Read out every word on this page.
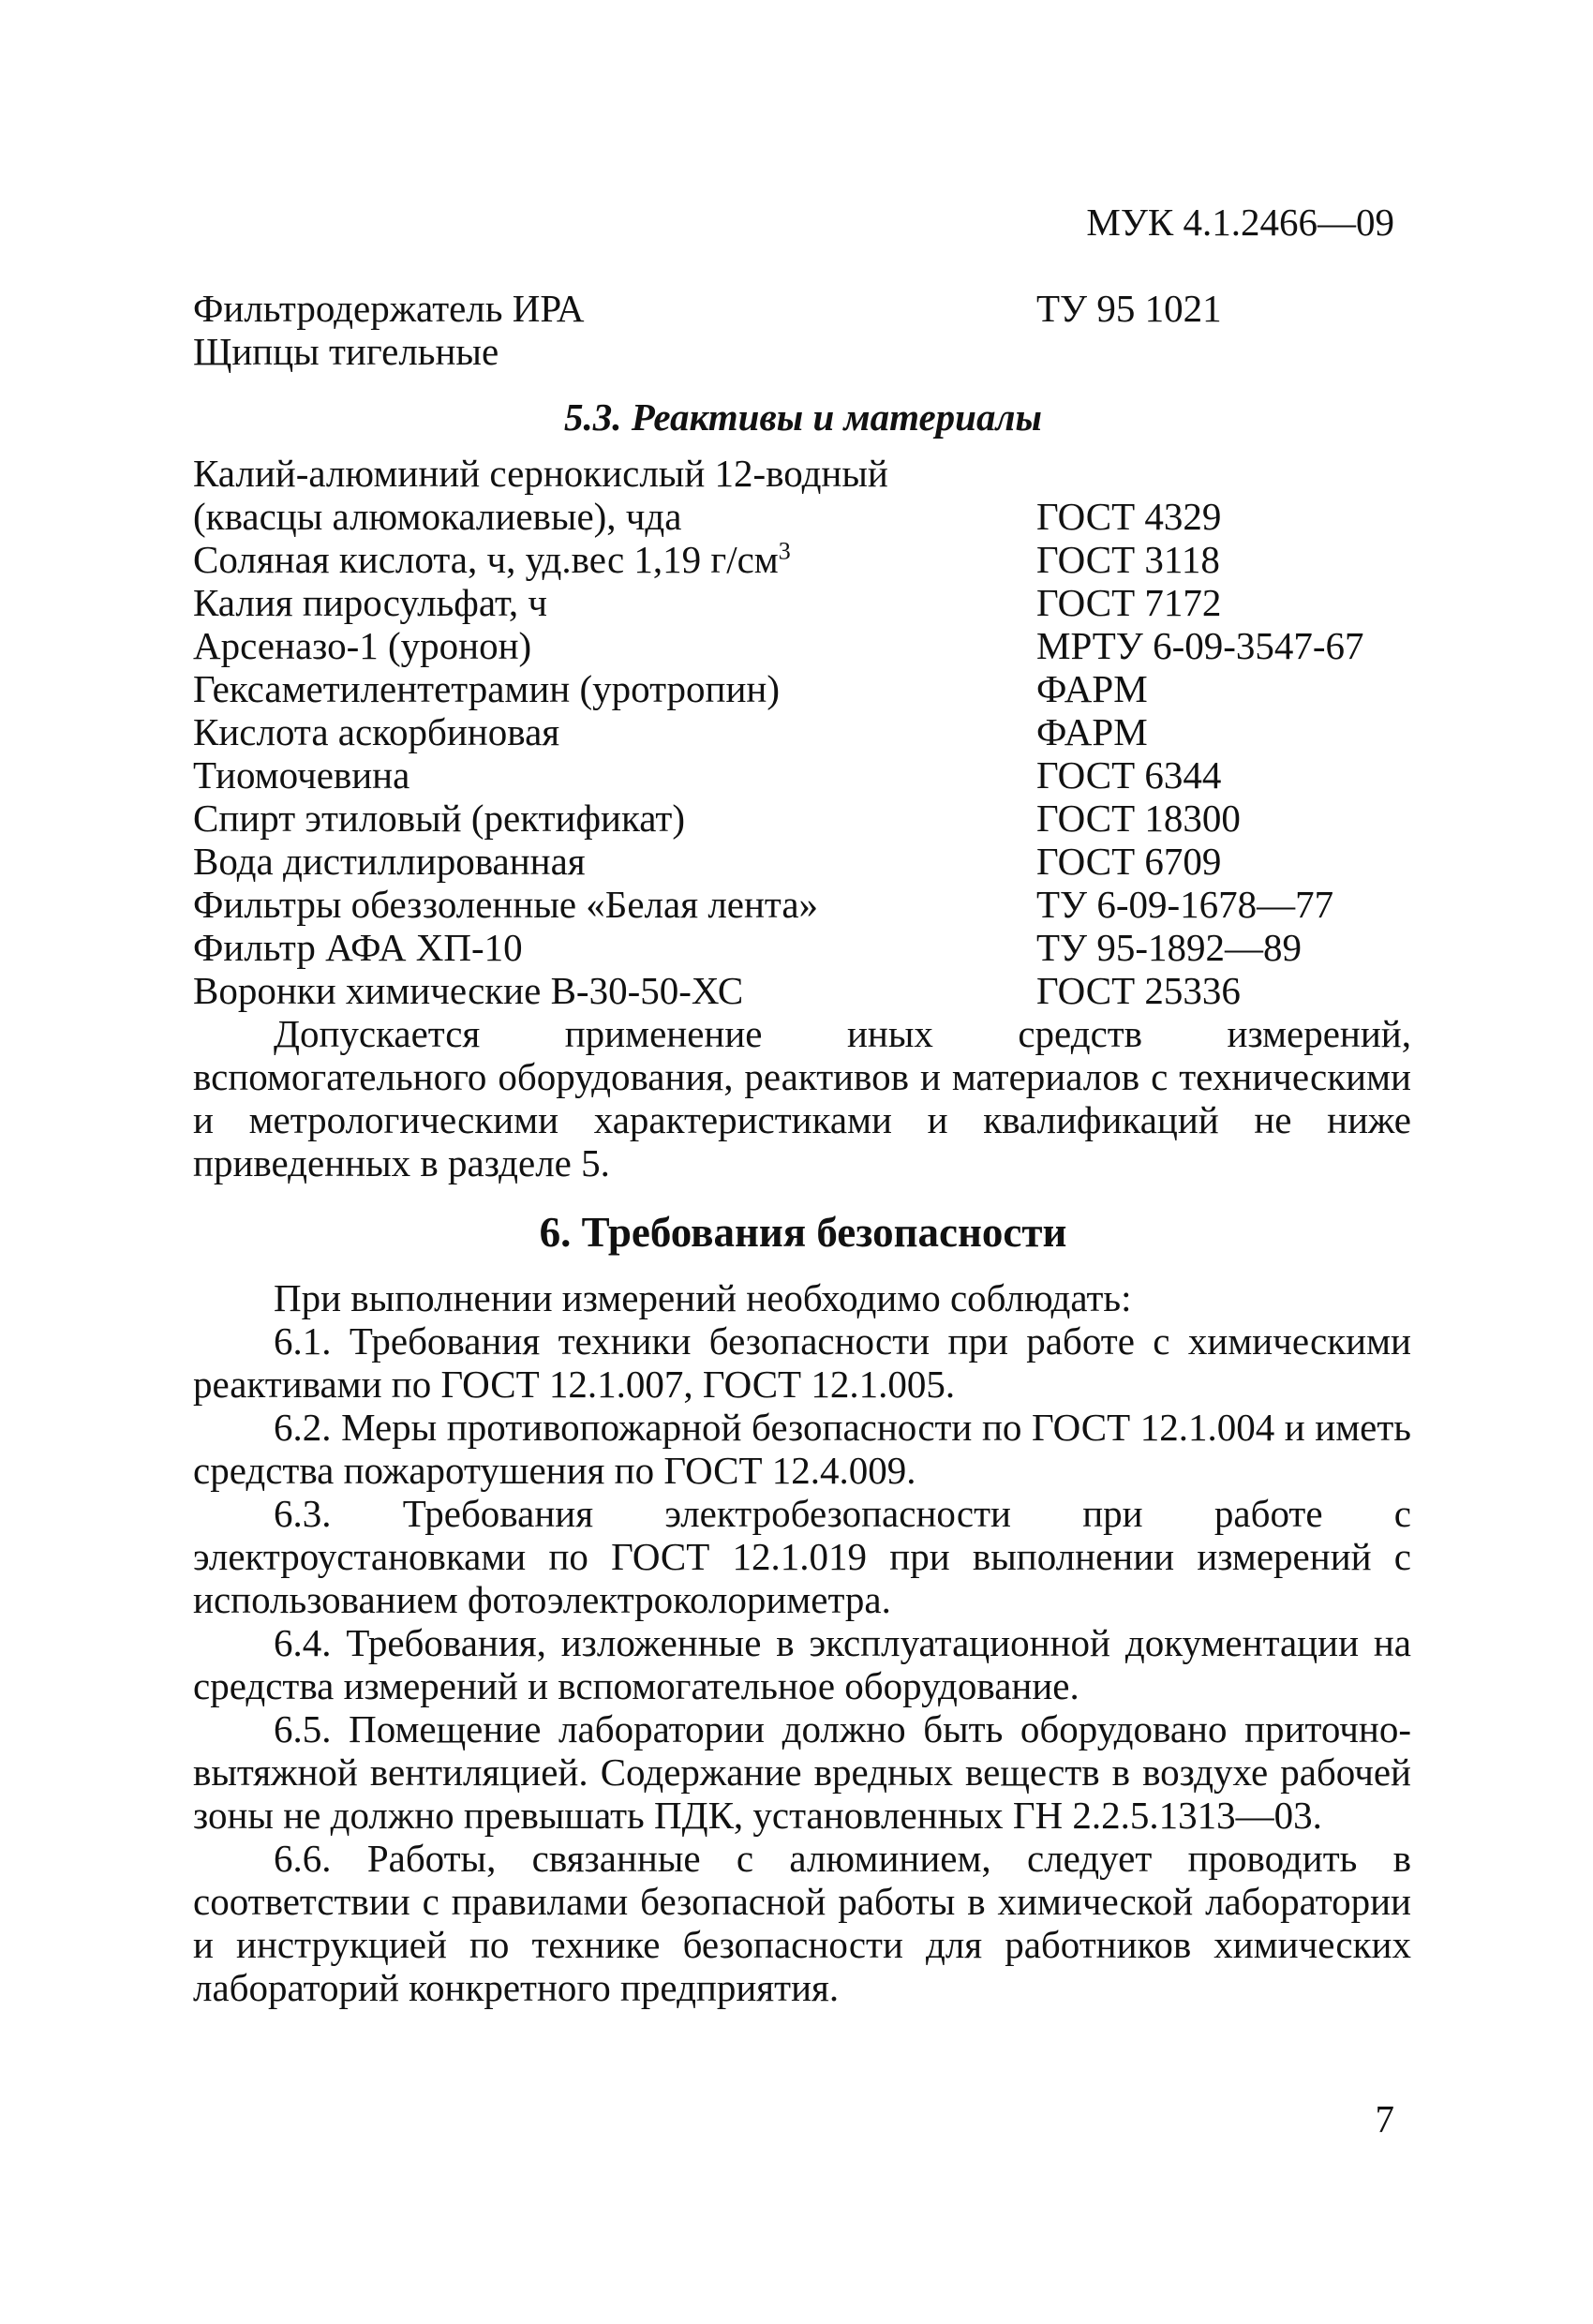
МУК 4.1.2466—09
Фильтродержатель ИРА	ТУ 95 1021
Щипцы тигельные
5.3. Реактивы и материалы
Калий-алюминий сернокислый 12-водный
(квасцы алюмокалиевые), чда	ГОСТ 4329
Соляная кислота, ч, уд.вес 1,19 $г/см^3$	ГОСТ 3118
Калия пиросульфат, ч	ГОСТ 7172
Арсеназо-1 (уронон)	МРТУ 6-09-3547-67
Гексаметилентетрамин (уротропин)	ФАРМ
Кислота аскорбиновая	ФАРМ
Тиомочевина	ГОСТ 6344
Спирт этиловый (ректификат)	ГОСТ 18300
Вода дистиллированная	ГОСТ 6709
Фильтры обеззоленные «Белая лента»	ТУ 6-09-1678—77
Фильтр АФА ХП-10	ТУ 95-1892—89
Воронки химические В-30-50-ХС	ГОСТ 25336

Допускается применение иных средств измерений, вспомогательного оборудования, реактивов и материалов с техническими и метрологическими характеристиками и квалификаций не ниже приведенных в разделе 5.

6. Требования безопасности

При выполнении измерений необходимо соблюдать:

6.1. Требования техники безопасности при работе с химическими реактивами по ГОСТ 12.1.007, ГОСТ 12.1.005.

6.2. Меры противопожарной безопасности по ГОСТ 12.1.004 и иметь средства пожаротушения по ГОСТ 12.4.009.

6.3. Требования электробезопасности при работе с электроустановками по ГОСТ 12.1.019 при выполнении измерений с использованием фотоэлектроколориметра.

6.4. Требования, изложенные в эксплуатационной документации на средства измерений и вспомогательное оборудование.

6.5. Помещение лаборатории должно быть оборудовано приточно-вытяжной вентиляцией. Содержание вредных веществ в воздухе рабочей зоны не должно превышать ПДК, установленных ГН 2.2.5.1313—03.

6.6. Работы, связанные с алюминием, следует проводить в соответствии с правилами безопасной работы в химической лаборатории и инструкцией по технике безопасности для работников химических лабораторий конкретного предприятия.

7
